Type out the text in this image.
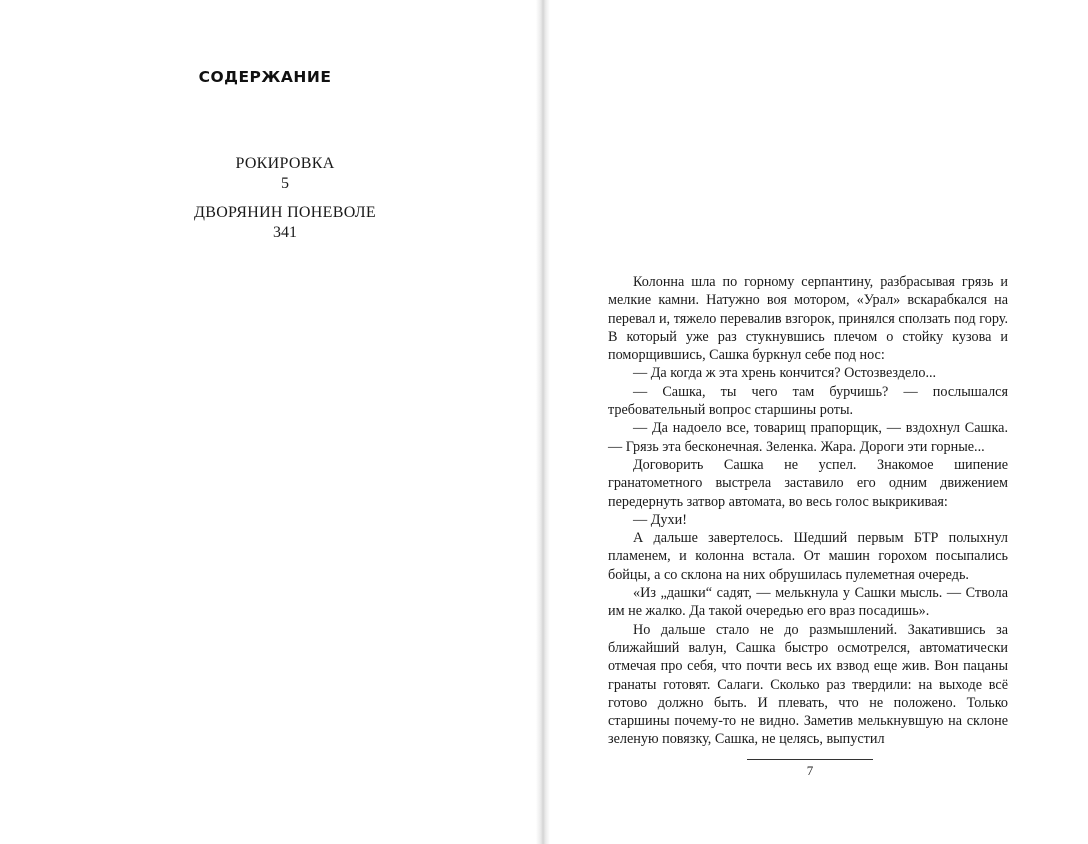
СОДЕРЖАНИЕ
РОКИРОВКА
5
ДВОРЯНИН ПОНЕВОЛЕ
341

Колонна шла по горному серпантину, разбрасывая грязь и мелкие камни. Натужно воя мотором, «Урал» вскарабкался на перевал и, тяжело перевалив взгорок, принялся сползать под гору. В который уже раз стукнувшись плечом о стойку кузова и поморщившись, Сашка буркнул себе под нос:

— Да когда ж эта хрень кончится? Остозвездело...

— Сашка, ты чего там бурчишь? — послышался требовательный вопрос старшины роты.

— Да надоело все, товарищ прапорщик, — вздохнул Сашка. — Грязь эта бесконечная. Зеленка. Жара. Дороги эти горные...

Договорить Сашка не успел. Знакомое шипение гранатометного выстрела заставило его одним движением передернуть затвор автомата, во весь голос выкрикивая:

— Духи!

А дальше завертелось. Шедший первым БТР полыхнул пламенем, и колонна встала. От машин горохом посыпались бойцы, а со склона на них обрушилась пулеметная очередь.

«Из „дашки“ садят, — мелькнула у Сашки мысль. — Ствола им не жалко. Да такой очередью его враз посадишь».

Но дальше стало не до размышлений. Закатившись за ближайший валун, Сашка быстро осмотрелся, автоматически отмечая про себя, что почти весь их взвод еще жив. Вон пацаны гранаты готовят. Салаги. Сколько раз твердили: на выходе всё готово должно быть. И плевать, что не положено. Только старшины почему-то не видно. Заметив мелькнувшую на склоне зеленую повязку, Сашка, не целясь, выпустил

7
